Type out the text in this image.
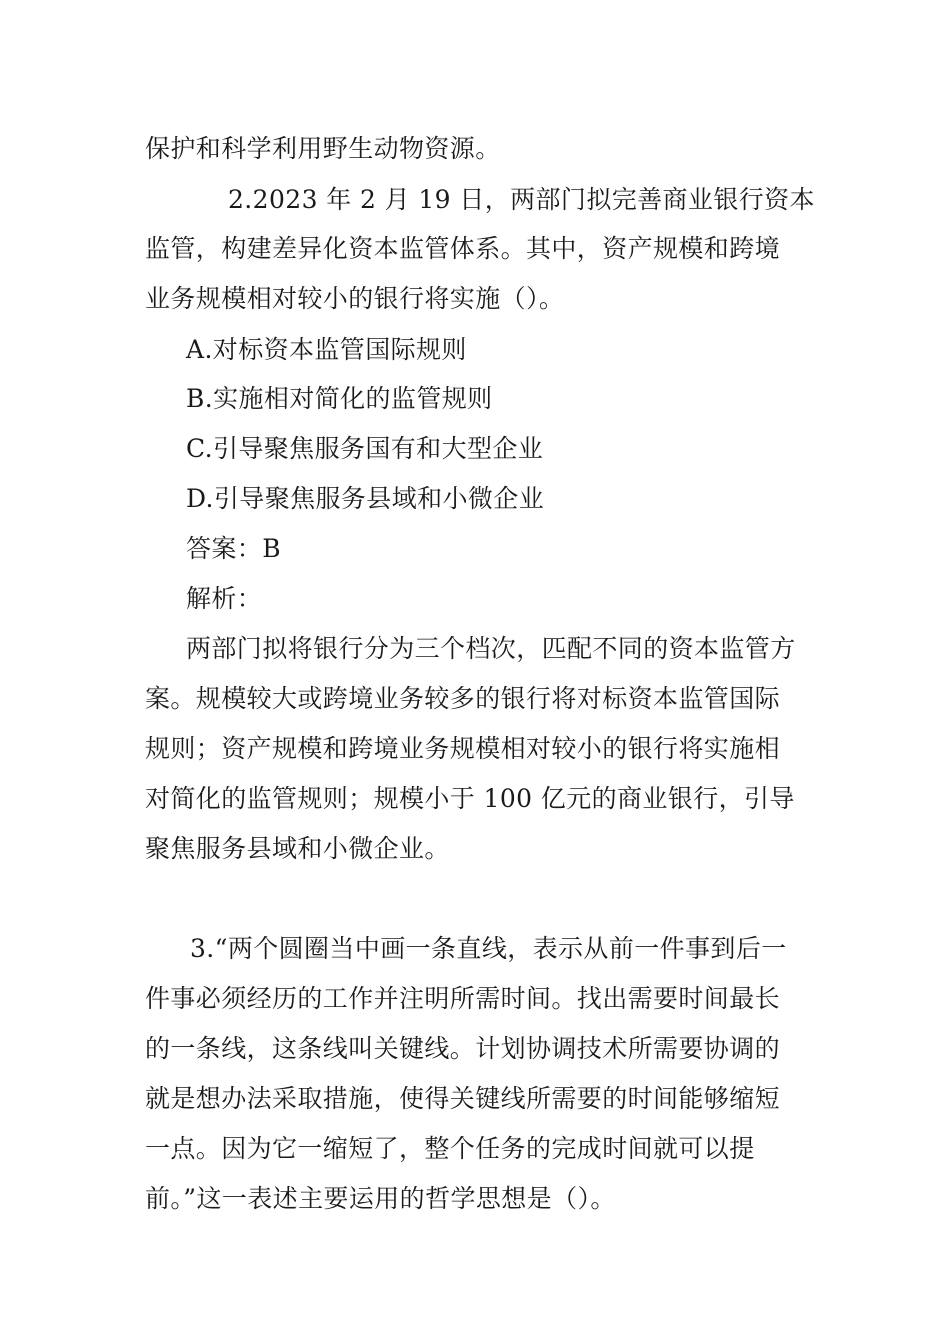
保护和科学利用野生动物资源。
2.2023 年 2 月 19 日，两部门拟完善商业银行资本
监管，构建差异化资本监管体系。其中，资产规模和跨境
业务规模相对较小的银行将实施（）。
A.对标资本监管国际规则
B.实施相对简化的监管规则
C.引导聚焦服务国有和大型企业
D.引导聚焦服务县域和小微企业
答案：B
解析：
两部门拟将银行分为三个档次，匹配不同的资本监管方
案。规模较大或跨境业务较多的银行将对标资本监管国际
规则；资产规模和跨境业务规模相对较小的银行将实施相
对简化的监管规则；规模小于 100 亿元的商业银行，引导
聚焦服务县域和小微企业。
3.“两个圆圈当中画一条直线，表示从前一件事到后一
件事必须经历的工作并注明所需时间。找出需要时间最长
的一条线，这条线叫关键线。计划协调技术所需要协调的
就是想办法采取措施，使得关键线所需要的时间能够缩短
一点。因为它一缩短了，整个任务的完成时间就可以提
前。”这一表述主要运用的哲学思想是（）。
